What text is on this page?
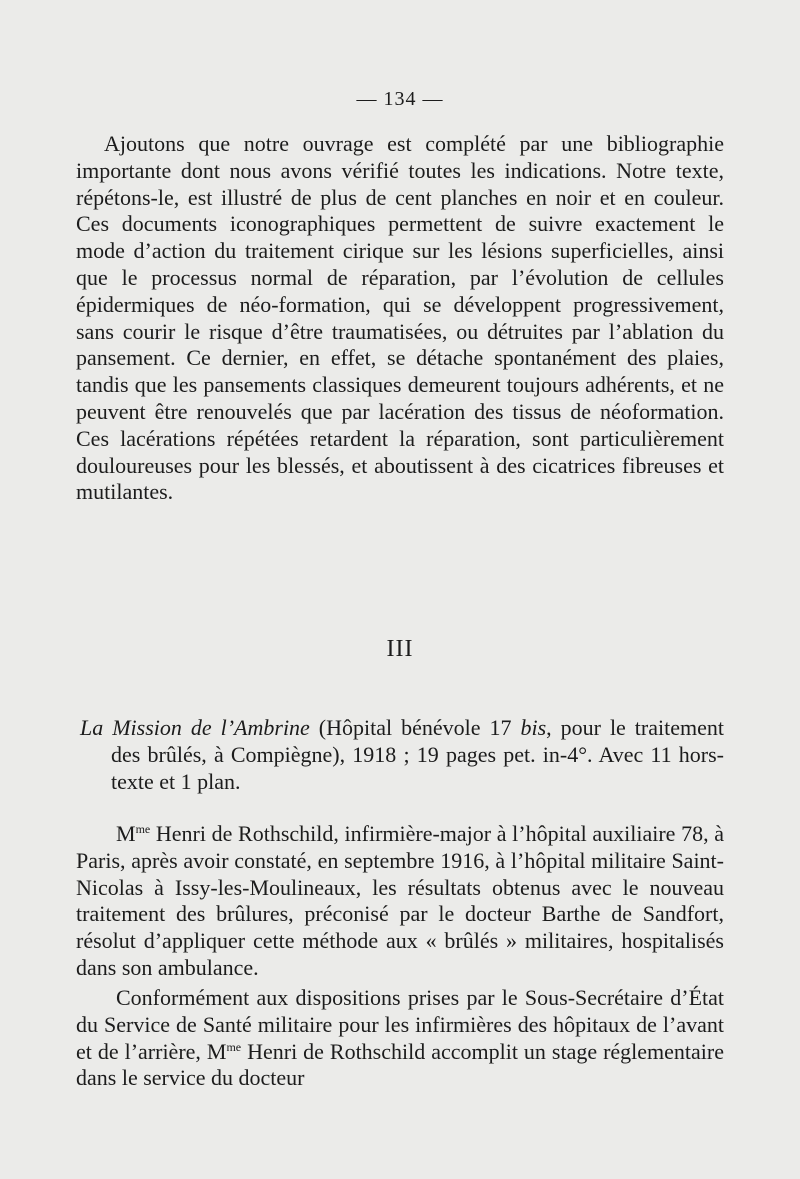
— 134 —

Ajoutons que notre ouvrage est complété par une bibliographie importante dont nous avons vérifié toutes les indications. Notre texte, répétons-le, est illustré de plus de cent planches en noir et en couleur. Ces documents iconographiques permettent de suivre exactement le mode d’action du traitement cirique sur les lésions superficielles, ainsi que le processus normal de réparation, par l’évolution de cellules épidermiques de néo-formation, qui se développent progressivement, sans courir le risque d’être traumatisées, ou détruites par l’ablation du pansement. Ce dernier, en effet, se détache spontanément des plaies, tandis que les pansements classiques demeurent toujours adhérents, et ne peuvent être renouvelés que par lacération des tissus de néoformation. Ces lacérations répétées retardent la réparation, sont particulièrement douloureuses pour les blessés, et aboutissent à des cicatrices fibreuses et mutilantes.

III

La Mission de l’Ambrine (Hôpital bénévole 17 bis, pour le traitement des brûlés, à Compiègne), 1918 ; 19 pages pet. in-4°. Avec 11 hors-texte et 1 plan.

$M^{me}$ Henri de Rothschild, infirmière-major à l’hôpital auxiliaire 78, à Paris, après avoir constaté, en septembre 1916, à l’hôpital militaire Saint-Nicolas à Issy-les-Moulineaux, les résultats obtenus avec le nouveau traitement des brûlures, préconisé par le docteur Barthe de Sandfort, résolut d’appliquer cette méthode aux « brûlés » militaires, hospitalisés dans son ambulance.

Conformément aux dispositions prises par le Sous-Secrétaire d’État du Service de Santé militaire pour les infirmières des hôpitaux de l’avant et de l’arrière, $M^{me}$ Henri de Rothschild accomplit un stage réglementaire dans le service du docteur
